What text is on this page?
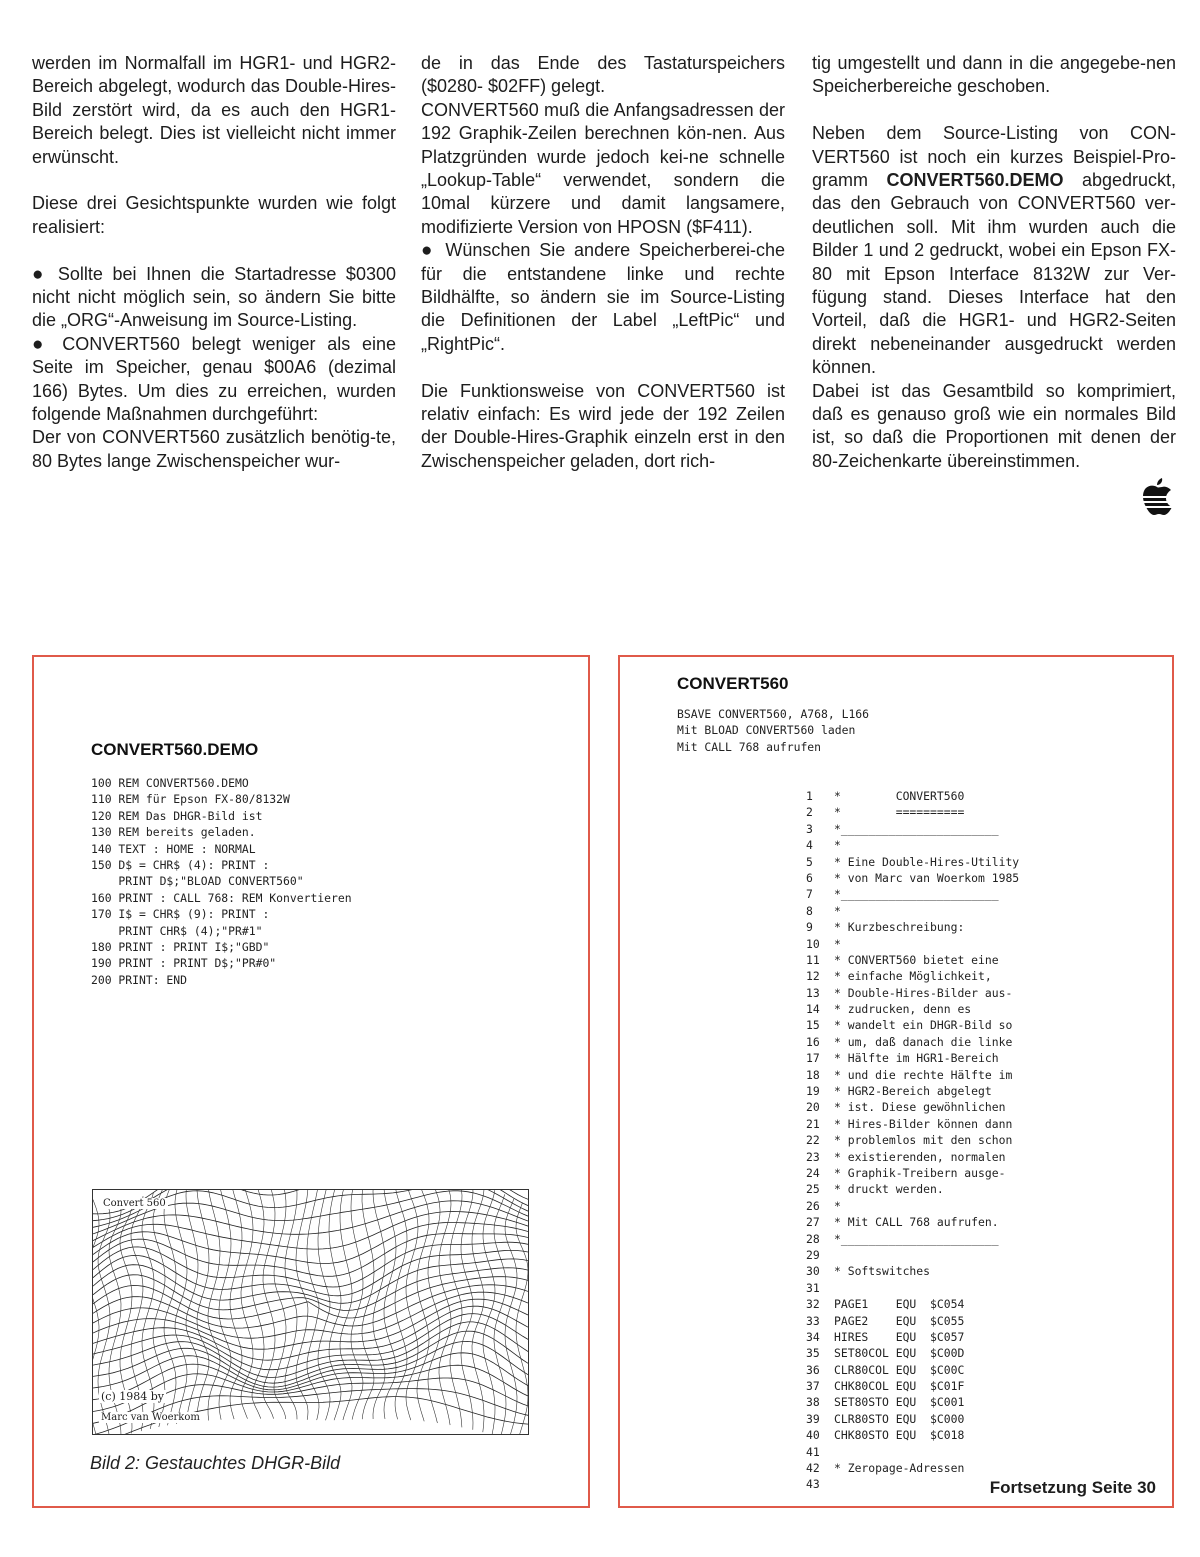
werden im Normalfall im HGR1- und HGR2-Bereich abgelegt, wodurch das Double-Hires-Bild zerstört wird, da es auch den HGR1-Bereich belegt. Dies ist vielleicht nicht immer erwünscht.

Diese drei Gesichtspunkte wurden wie folgt realisiert:

● Sollte bei Ihnen die Startadresse $0300 nicht nicht möglich sein, so ändern Sie bitte die „ORG“-Anweisung im Source-Listing.

● CONVERT560 belegt weniger als eine Seite im Speicher, genau $00A6 (dezimal 166) Bytes. Um dies zu erreichen, wurden folgende Maßnahmen durchgeführt:

Der von CONVERT560 zusätzlich benötig-te, 80 Bytes lange Zwischenspeicher wur-

de in das Ende des Tastaturspeichers ($0280- $02FF) gelegt.

CONVERT560 muß die Anfangsadressen der 192 Graphik-Zeilen berechnen kön-nen. Aus Platzgründen wurde jedoch kei-ne schnelle „Lookup-Table“ verwendet, sondern die 10mal kürzere und damit langsamere, modifizierte Version von HPOSN ($F411).

● Wünschen Sie andere Speicherberei-che für die entstandene linke und rechte Bildhälfte, so ändern sie im Source-Listing die Definitionen der Label „LeftPic“ und „RightPic“.

Die Funktionsweise von CONVERT560 ist relativ einfach: Es wird jede der 192 Zeilen der Double-Hires-Graphik einzeln erst in den Zwischenspeicher geladen, dort rich-

tig umgestellt und dann in die angegebe-nen Speicherbereiche geschoben.

Neben dem Source-Listing von CON-VERT560 ist noch ein kurzes Beispiel-Pro-gramm CONVERT560.DEMO abgedruckt, das den Gebrauch von CONVERT560 ver-deutlichen soll. Mit ihm wurden auch die Bilder 1 und 2 gedruckt, wobei ein Epson FX-80 mit Epson Interface 8132W zur Ver-fügung stand. Dieses Interface hat den Vorteil, daß die HGR1- und HGR2-Seiten direkt nebeneinander ausgedruckt werden können.

Dabei ist das Gesamtbild so komprimiert, daß es genauso groß wie ein normales Bild ist, so daß die Proportionen mit denen der 80-Zeichenkarte übereinstimmen.

CONVERT560.DEMO
100 REM CONVERT560.DEMO
110 REM für Epson FX-80/8132W
120 REM Das DHGR-Bild ist
130 REM bereits geladen.
140 TEXT : HOME : NORMAL
150 D$ = CHR$ (4): PRINT :
PRINT D$;"BLOAD CONVERT560"
160 PRINT : CALL 768: REM Konvertieren
170 I$ = CHR$ (9): PRINT :
PRINT CHR$ (4);"PR#1"
180 PRINT : PRINT I$;"GBD"
190 PRINT : PRINT D$;"PR#0"
200 PRINT: END
Convert 560
(c) 1984 by
Marc van Woerkom
Bild 2: Gestauchtes DHGR-Bild
CONVERT560
BSAVE CONVERT560, A768, L166
Mit BLOAD CONVERT560 laden
Mit CALL 768 aufrufen
1	*        CONVERT560
2	*        ==========
3	*_______________________
4	*
5	* Eine Double-Hires-Utility
6	* von Marc van Woerkom 1985
7	*_______________________
8	*
9	* Kurzbeschreibung:
10	*
11	* CONVERT560 bietet eine
12	* einfache Möglichkeit,
13	* Double-Hires-Bilder aus-
14	* zudrucken, denn es
15	* wandelt ein DHGR-Bild so
16	* um, daß danach die linke
17	* Hälfte im HGR1-Bereich
18	* und die rechte Hälfte im
19	* HGR2-Bereich abgelegt
20	* ist. Diese gewöhnlichen
21	* Hires-Bilder können dann
22	* problemlos mit den schon
23	* existierenden, normalen
24	* Graphik-Treibern ausge-
25	* druckt werden.
26	*
27	* Mit CALL 768 aufrufen.
28	*_______________________
29
30	* Softswitches
31
32	PAGE1    EQU  $C054
33	PAGE2    EQU  $C055
34	HIRES    EQU  $C057
35	SET80COL EQU  $C00D
36	CLR80COL EQU  $C00C
37	CHK80COL EQU  $C01F
38	SET80STO EQU  $C001
39	CLR80STO EQU  $C000
40	CHK80STO EQU  $C018
41
42	* Zeropage-Adressen
43	Fortsetzung Seite 30
